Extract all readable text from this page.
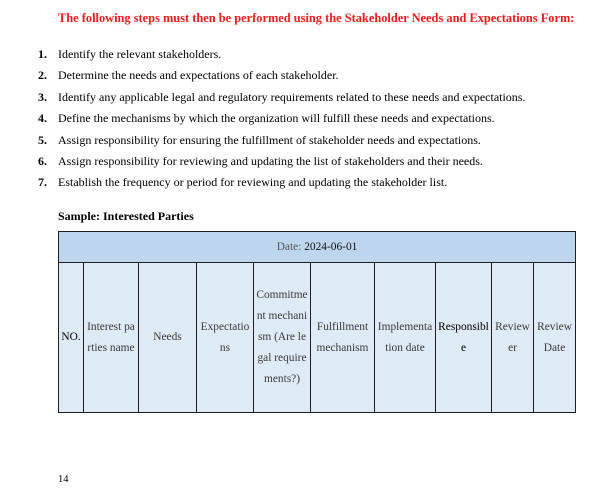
The following steps must then be performed using the Stakeholder Needs and Expectations Form:
1. Identify the relevant stakeholders.
2. Determine the needs and expectations of each stakeholder.
3. Identify any applicable legal and regulatory requirements related to these needs and expectations.
4. Define the mechanisms by which the organization will fulfill these needs and expectations.
5. Assign responsibility for ensuring the fulfillment of stakeholder needs and expectations.
6. Assign responsibility for reviewing and updating the list of stakeholders and their needs.
7. Establish the frequency or period for reviewing and updating the stakeholder list.
Sample: Interested Parties
Date: 2024-06-01
NO.	Interest parties name	Needs	Expectations	Commitment mechanism (Are legal requirements?)	Fulfillment mechanism	Implementation date	Responsible	Reviewer	Review Date
14
